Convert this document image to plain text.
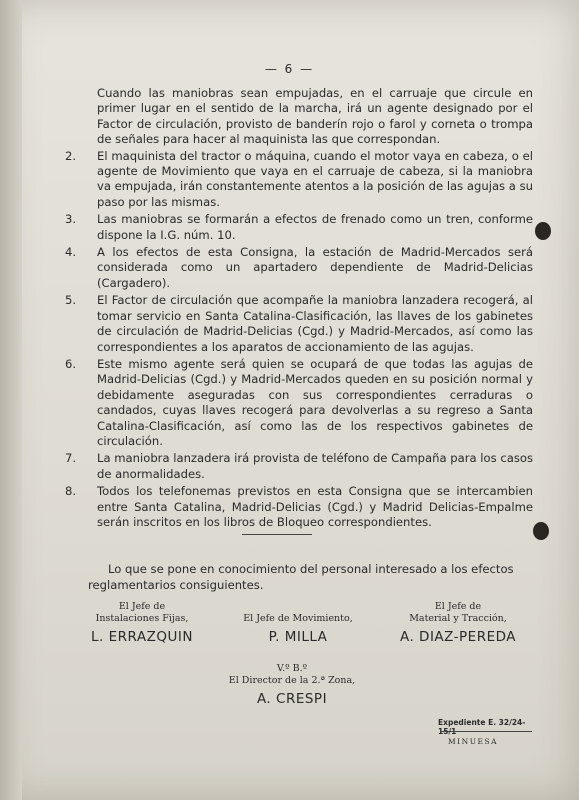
— 6 —

Cuando las maniobras sean empujadas, en el carruaje que circule en primer lugar en el sentido de la marcha, irá un agente designado por el Factor de circulación, provisto de banderín rojo o farol y corneta o trompa de señales para hacer al maquinista las que correspondan.

2.	El maquinista del tractor o máquina, cuando el motor vaya en cabeza, o el agente de Movimiento que vaya en el carruaje de cabeza, si la maniobra va empujada, irán constantemente atentos a la posición de las agujas a su paso por las mismas.
3.	Las maniobras se formarán a efectos de frenado como un tren, conforme dispone la I.G. núm. 10.
4.	A los efectos de esta Consigna, la estación de Madrid-Mercados será considerada como un apartadero dependiente de Madrid-Delicias (Cargadero).
5.	El Factor de circulación que acompañe la maniobra lanzadera recogerá, al tomar servicio en Santa Catalina-Clasificación, las llaves de los gabinetes de circulación de Madrid-Delicias (Cgd.) y Madrid-Mercados, así como las correspondientes a los aparatos de accionamiento de las agujas.
6.	Este mismo agente será quien se ocupará de que todas las agujas de Madrid-Delicias (Cgd.) y Madrid-Mercados queden en su posición normal y debidamente aseguradas con sus correspondientes cerraduras o candados, cuyas llaves recogerá para devolverlas a su regreso a Santa Catalina-Clasificación, así como las de los respectivos gabinetes de circulación.
7.	La maniobra lanzadera irá provista de teléfono de Campaña para los casos de anormalidades.
8.	Todos los telefonemas previstos en esta Consigna que se intercambien entre Santa Catalina, Madrid-Delicias (Cgd.) y Madrid Delicias-Empalme serán inscritos en los libros de Bloqueo correspondientes.

Lo que se pone en conocimiento del personal interesado a los efectos

reglamentarios consiguientes.

El Jefe de
Instalaciones Fijas,
L. ERRAZQUIN
El Jefe de Movimiento,
P. MILLA
El Jefe de
Material y Tracción,
A. DIAZ-PEREDA
V.º B.º
El Director de la 2.ª Zona,
A. CRESPI
Expediente E. 32/24-15/1
MINUESA
